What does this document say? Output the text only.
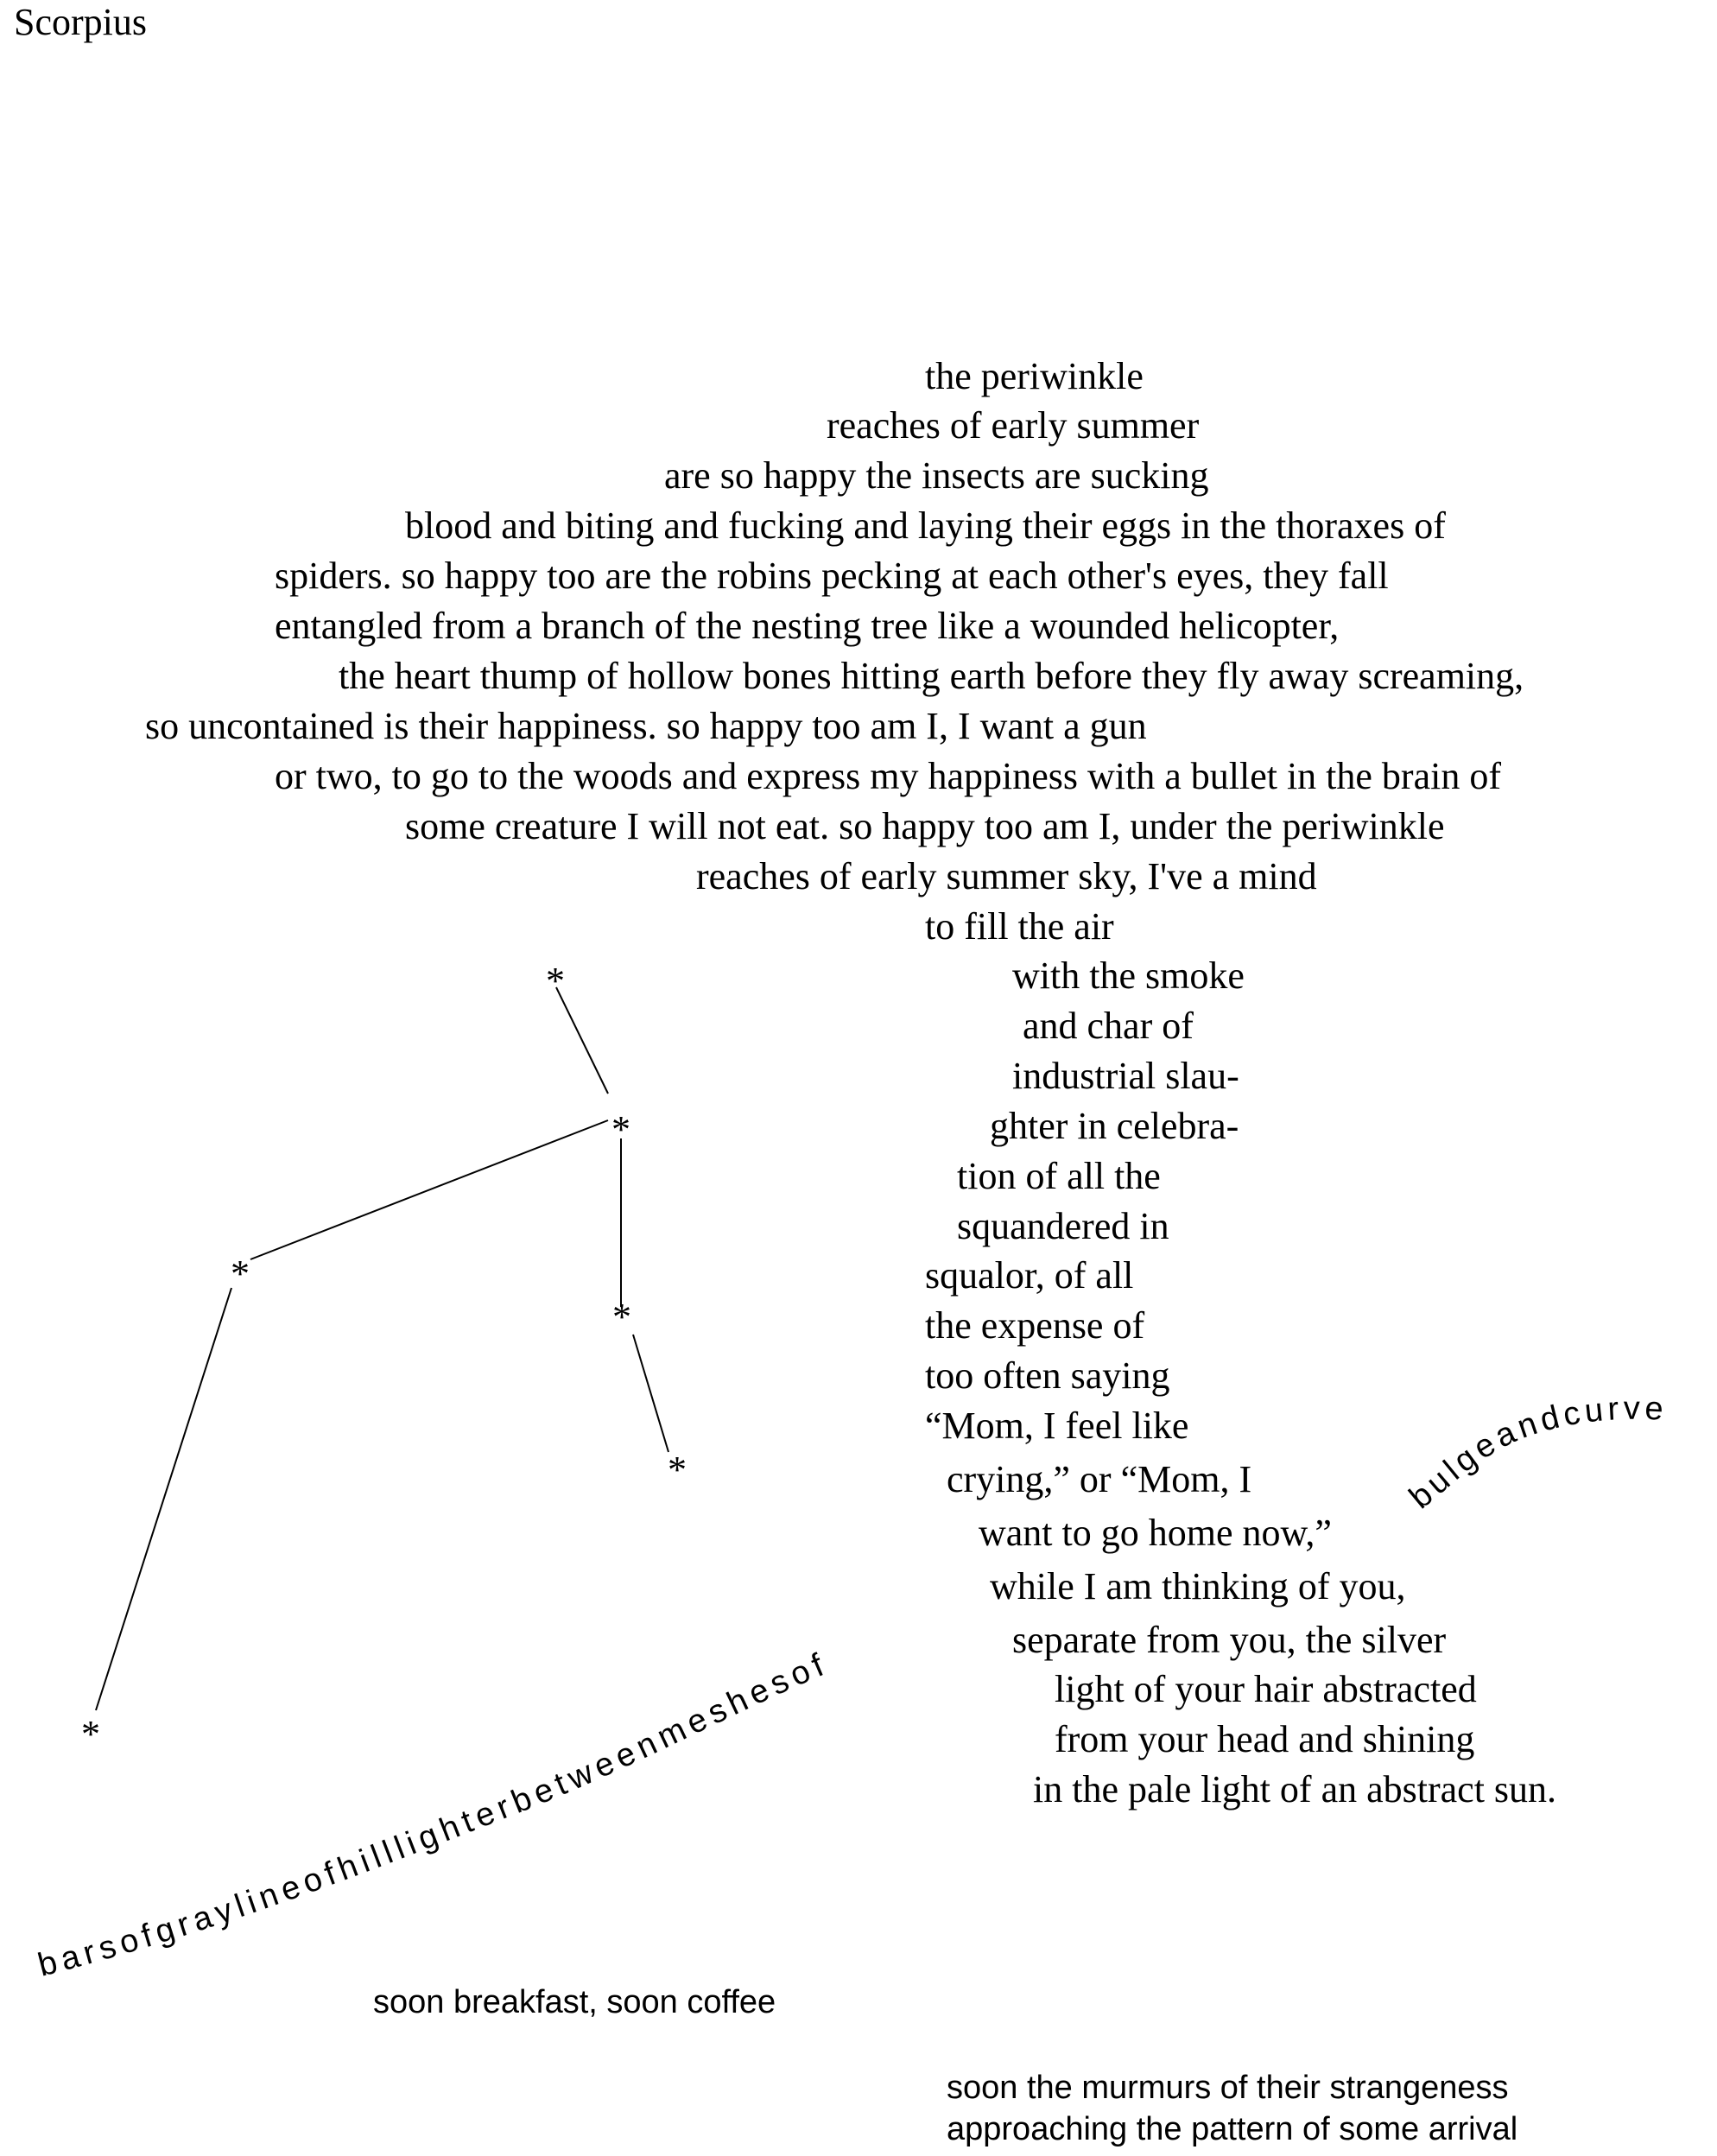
Scorpius
the periwinkle
reaches of early summer
are so happy the insects are sucking
blood and biting and fucking and laying their eggs in the thoraxes of
spiders. so happy too are the robins pecking at each other's eyes, they fall
entangled from a branch of the nesting tree like a wounded helicopter,
the heart thump of hollow bones hitting earth before they fly away screaming,
so uncontained is their happiness. so happy too am I, I want a gun
or two, to go to the woods and express my happiness with a bullet in the brain of
some creature I will not eat. so happy too am I, under the periwinkle
reaches of early summer sky, I've a mind
to fill the air
with the smoke
and char of
industrial slau-
ghter in celebra-
tion of all the
squandered in
squalor, of all
the expense of
too often saying
“Mom, I feel like
crying,” or “Mom, I
want to go home now,”
while I am thinking of you,
separate from you, the silver
light of your hair abstracted
from your head and shining
in the pale light of an abstract sun.
*
*
*
*
*
*
barsofgraylineofhilllighterbetweenmeshesof
bulgeandcurve
soon breakfast, soon coffee
soon the murmurs of their strangeness
approaching the pattern of some arrival
